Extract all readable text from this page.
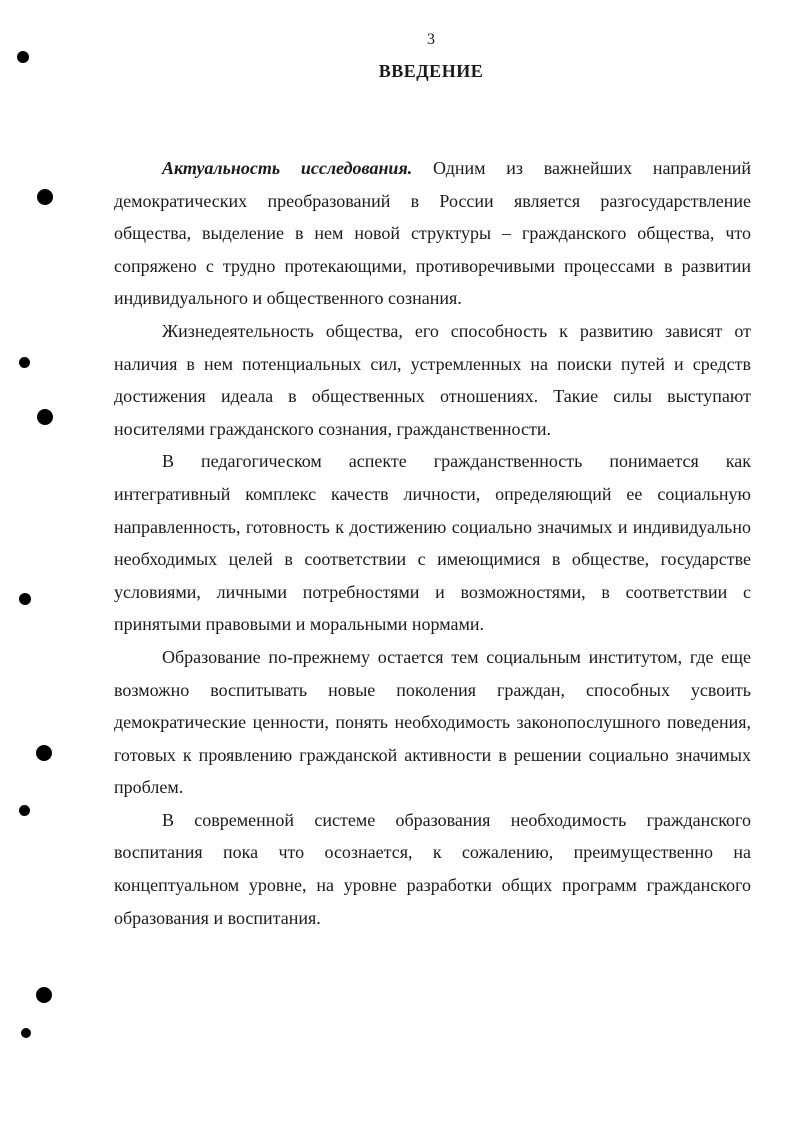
3
ВВЕДЕНИЕ

Актуальность исследования. Одним из важнейших направлений демократических преобразований в России является разгосударствление общества, выделение в нем новой структуры – гражданского общества, что сопряжено с трудно протекающими, противоречивыми процессами в развитии индивидуального и общественного сознания.

Жизнедеятельность общества, его способность к развитию зависят от наличия в нем потенциальных сил, устремленных на поиски путей и средств достижения идеала в общественных отношениях. Такие силы выступают носителями гражданского сознания, гражданственности.

В педагогическом аспекте гражданственность понимается как интегративный комплекс качеств личности, определяющий ее социальную направленность, готовность к достижению социально значимых и индивидуально необходимых целей в соответствии с имеющимися в обществе, государстве условиями, личными потребностями и возможностями, в соответствии с принятыми правовыми и моральными нормами.

Образование по-прежнему остается тем социальным институтом, где еще возможно воспитывать новые поколения граждан, способных усвоить демократические ценности, понять необходимость законопослушного поведения, готовых к проявлению гражданской активности в решении социально значимых проблем.

В современной системе образования необходимость гражданского воспитания пока что осознается, к сожалению, преимущественно на концептуальном уровне, на уровне разработки общих программ гражданского образования и воспитания.
